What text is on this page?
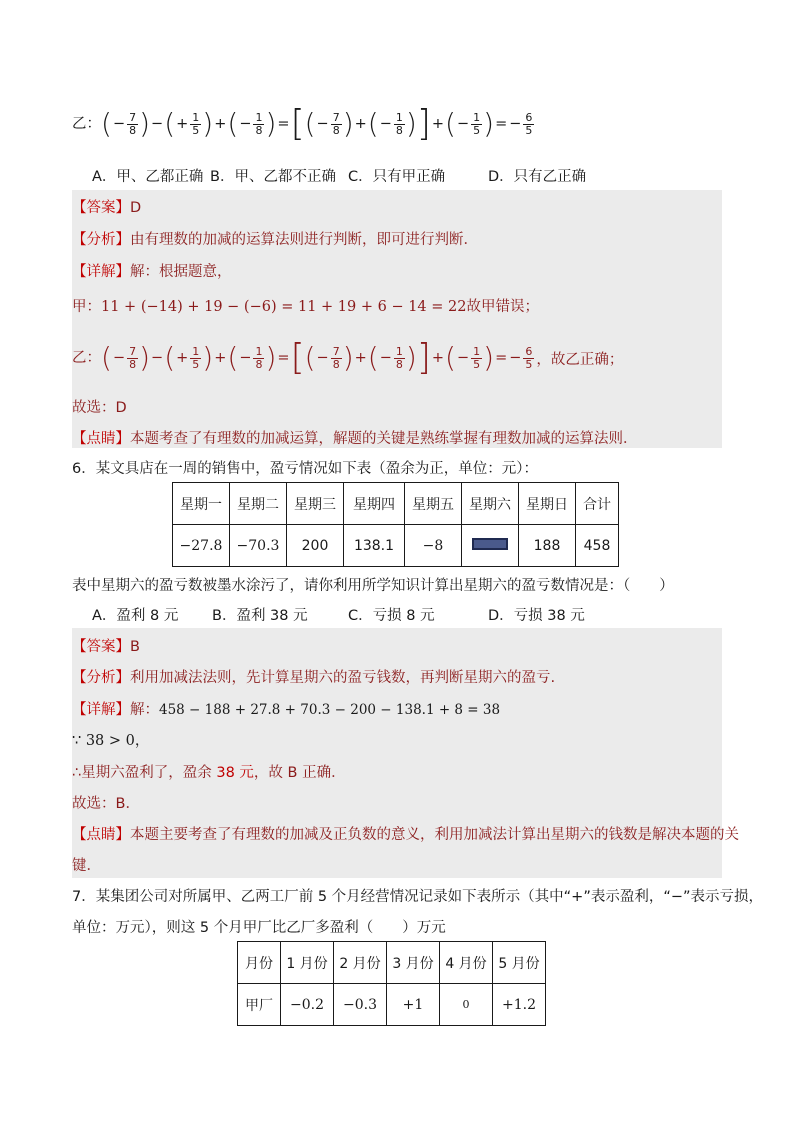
乙：(− $\frac{7}{8}$ )−(+ $\frac{1}{5}$ )+(− $\frac{1}{8}$ )=[(− $\frac{7}{8}$ )+(− $\frac{1}{8}$ )]+(− $\frac{1}{5}$ )= − $\frac{6}{5}$
A．甲、乙都正确 B．甲、乙都不正确 C．只有甲正确	D．只有乙正确
【答案】D
【分析】由有理数的加减的运算法则进行判断，即可进行判断．
【详解】解：根据题意，
甲：11 + (−14) + 19 − (−6) = 11 + 19 + 6 − 14 = 22故甲错误；
乙：(− $\frac{7}{8}$ )−(+ $\frac{1}{5}$ )+(− $\frac{1}{8}$ )=[(− $\frac{7}{8}$ )+(− $\frac{1}{8}$ )]+(− $\frac{1}{5}$ )= − $\frac{6}{5}$ ，故乙正确；
故选：D
【点睛】本题考查了有理数的加减运算，解题的关键是熟练掌握有理数加减的运算法则．
6．某文具店在一周的销售中，盈亏情况如下表（盈余为正，单位：元）：
星期一	星期二	星期三	星期四	星期五	星期六	星期日	合计
−27.8	−70.3	200	138.1	−8		188	458
表中星期六的盈亏数被墨水涂污了，请你利用所学知识计算出星期六的盈亏数情况是：（　　）
A．盈利 8 元 B．盈利 38 元	C．亏损 8 元	D．亏损 38 元
【答案】B
【分析】利用加减法法则，先计算星期六的盈亏钱数，再判断星期六的盈亏.
【详解】解：458 − 188 + 27.8 + 70.3 − 200 − 138.1 + 8 = 38
∵ 38 > 0，
∴星期六盈利了，盈余 38 元，故 B 正确．
故选：B．
【点睛】本题主要考查了有理数的加减及正负数的意义，利用加减法计算出星期六的钱数是解决本题的关
键．
7．某集团公司对所属甲、乙两工厂前 5 个月经营情况记录如下表所示（其中“+”表示盈利，“−”表示亏损，
单位：万元），则这 5 个月甲厂比乙厂多盈利（　　）万元
月份	1 月份	2 月份	3 月份	4 月份	5 月份
甲厂	−0.2	−0.3	+1	0	+1.2
